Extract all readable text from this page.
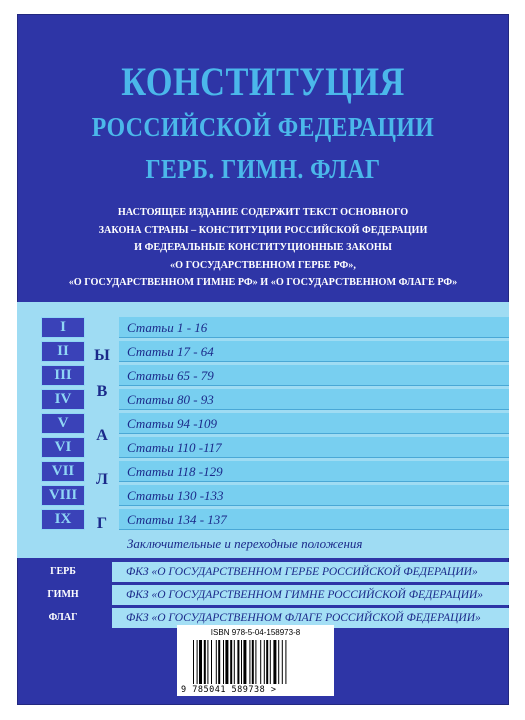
КОНСТИТУЦИЯ
РОССИЙСКОЙ ФЕДЕРАЦИИ
ГЕРБ. ГИМН. ФЛАГ
НАСТОЯЩЕЕ ИЗДАНИЕ СОДЕРЖИТ ТЕКСТ ОСНОВНОГО
ЗАКОНА СТРАНЫ – КОНСТИТУЦИИ РОССИЙСКОЙ ФЕДЕРАЦИИ
И ФЕДЕРАЛЬНЫЕ КОНСТИТУЦИОННЫЕ ЗАКОНЫ
«О ГОСУДАРСТВЕННОМ ГЕРБЕ РФ»,
«О ГОСУДАРСТВЕННОМ ГИМНЕ РФ» И «О ГОСУДАРСТВЕННОМ ФЛАГЕ РФ»
Ы
В
А
Л
Г
I	Статьи 1 - 16
II	Статьи 17 - 64
III	Статьи 65 - 79
IV	Статьи 80 - 93
V	Статьи 94 -109
VI	Статьи 110 -117
VII	Статьи 118 -129
VIII	Статьи 130 -133
IX	Статьи 134 - 137
Заключительные и переходные положения
ГЕРБ	ФКЗ «О ГОСУДАРСТВЕННОМ ГЕРБЕ РОССИЙСКОЙ ФЕДЕРАЦИИ»
ГИМН	ФКЗ «О ГОСУДАРСТВЕННОМ ГИМНЕ РОССИЙСКОЙ ФЕДЕРАЦИИ»
ФЛАГ	ФКЗ «О ГОСУДАРСТВЕННОМ ФЛАГЕ РОССИЙСКОЙ ФЕДЕРАЦИИ»
ISBN 978-5-04-158973-8
9 785041 589738 >
